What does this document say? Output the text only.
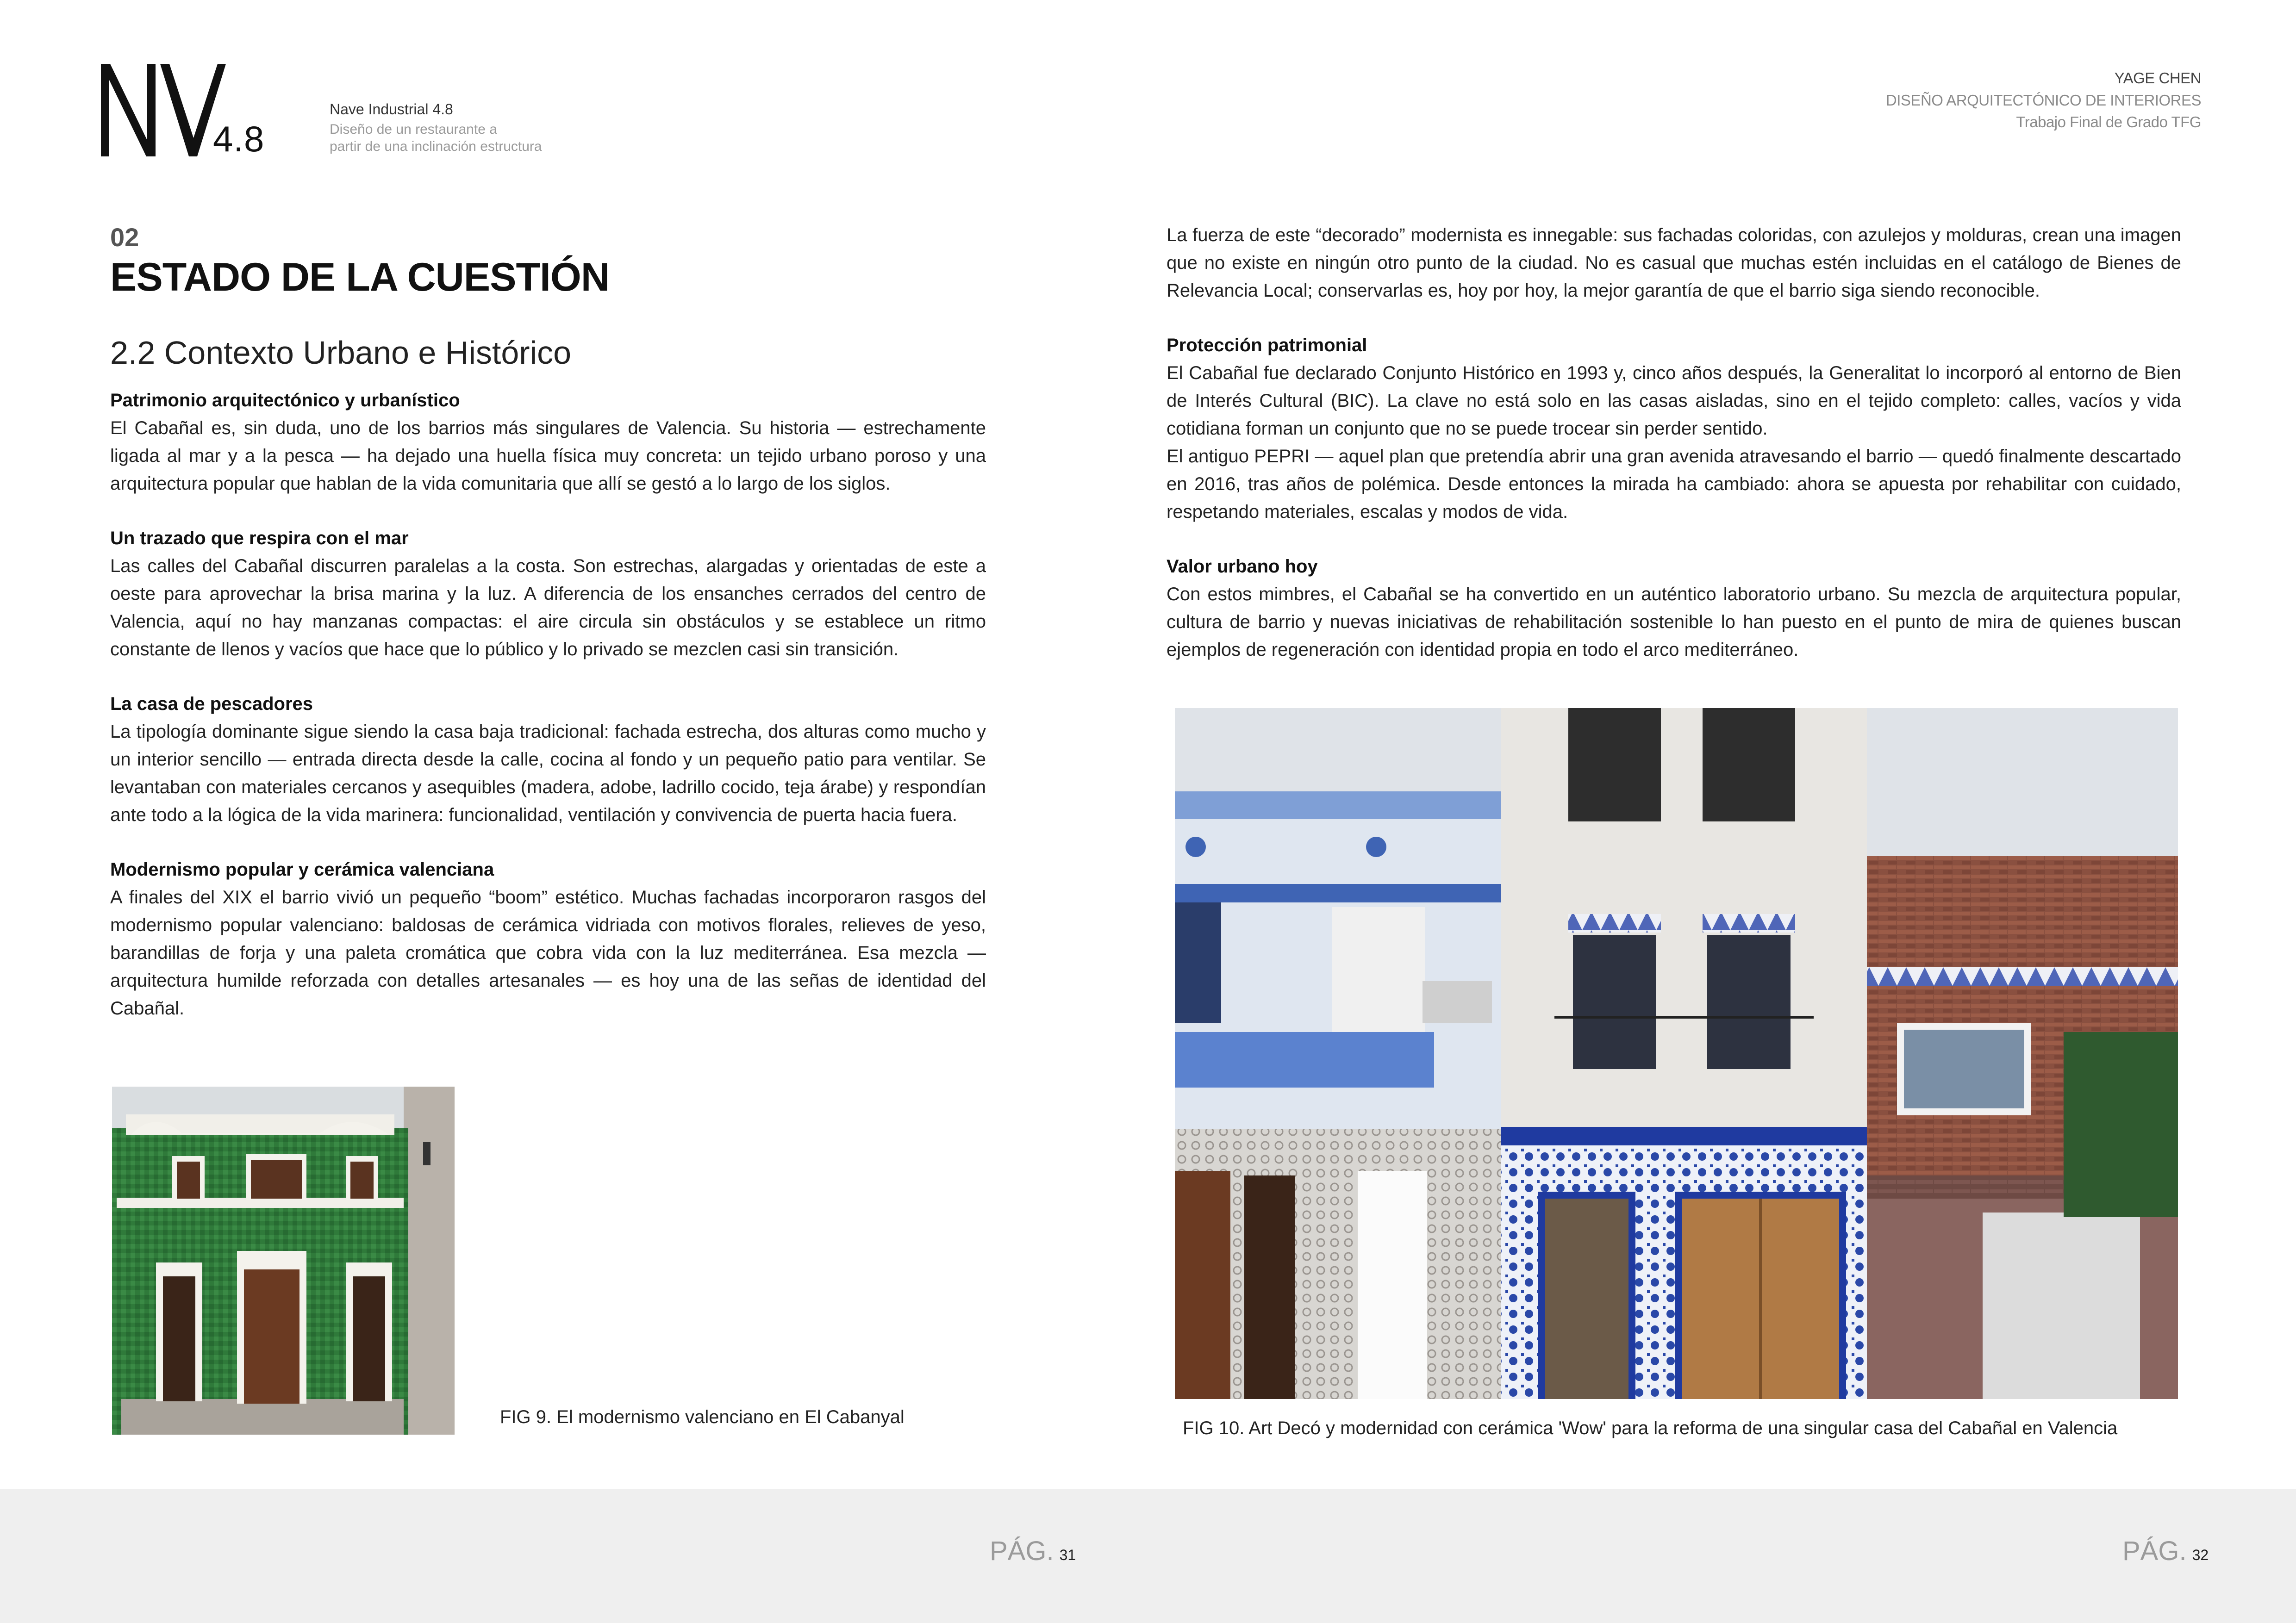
4.8
Nave Industrial 4.8
Diseño de un restaurante a
partir de una inclinación estructura
YAGE CHEN
DISEÑO ARQUITECTÓNICO DE INTERIORES
Trabajo Final de Grado TFG
02
ESTADO DE LA CUESTIÓN
2.2 Contexto Urbano e Histórico
Patrimonio arquitectónico y urbanístico
El Cabañal es, sin duda, uno de los barrios más singulares de Valencia. Su historia — estrechamente ligada al mar y a la pesca — ha dejado una huella física muy concreta: un tejido urbano poroso y una arquitectura popular que hablan de la vida comunitaria que allí se gestó a lo largo de los siglos.
Un trazado que respira con el mar
Las calles del Cabañal discurren paralelas a la costa. Son estrechas, alargadas y orientadas de este a oeste para aprovechar la brisa marina y la luz. A diferencia de los ensanches cerrados del centro de Valencia, aquí no hay manzanas compactas: el aire circula sin obstáculos y se establece un ritmo constante de llenos y vacíos que hace que lo público y lo privado se mezclen casi sin transición.
La casa de pescadores
La tipología dominante sigue siendo la casa baja tradicional: fachada estrecha, dos alturas como mucho y un interior sencillo — entrada directa desde la calle, cocina al fondo y un pequeño patio para ventilar. Se levantaban con materiales cercanos y asequibles (madera, adobe, ladrillo cocido, teja árabe) y respondían ante todo a la lógica de la vida marinera: funcionalidad, ventilación y convivencia de puerta hacia fuera.
Modernismo popular y cerámica valenciana
A finales del XIX el barrio vivió un pequeño “boom” estético. Muchas fachadas incorporaron rasgos del modernismo popular valenciano: baldosas de cerámica vidriada con motivos florales, relieves de yeso, barandillas de forja y una paleta cromática que cobra vida con la luz mediterránea. Esa mezcla — arquitectura humilde reforzada con detalles artesanales — es hoy una de las señas de identidad del Cabañal.
FIG 9. El modernismo valenciano en El Cabanyal
La fuerza de este “decorado” modernista es innegable: sus fachadas coloridas, con azulejos y molduras, crean una imagen que no existe en ningún otro punto de la ciudad. No es casual que muchas estén incluidas en el catálogo de Bienes de Relevancia Local; conservarlas es, hoy por hoy, la mejor garantía de que el barrio siga siendo reconocible.
Protección patrimonial
El Cabañal fue declarado Conjunto Histórico en 1993 y, cinco años después, la Generalitat lo incorporó al entorno de Bien de Interés Cultural (BIC). La clave no está solo en las casas aisladas, sino en el tejido completo: calles, vacíos y vida cotidiana forman un conjunto que no se puede trocear sin perder sentido.
El antiguo PEPRI — aquel plan que pretendía abrir una gran avenida atravesando el barrio — quedó finalmente descartado en 2016, tras años de polémica. Desde entonces la mirada ha cambiado: ahora se apuesta por rehabilitar con cuidado, respetando materiales, escalas y modos de vida.
Valor urbano hoy
Con estos mimbres, el Cabañal se ha convertido en un auténtico laboratorio urbano. Su mezcla de arquitectura popular, cultura de barrio y nuevas iniciativas de rehabilitación sostenible lo han puesto en el punto de mira de quienes buscan ejemplos de regeneración con identidad propia en todo el arco mediterráneo.
FIG 10. Art Decó y modernidad con cerámica 'Wow' para la reforma de una singular casa del Cabañal en Valencia
PÁG. 31	PÁG. 32
